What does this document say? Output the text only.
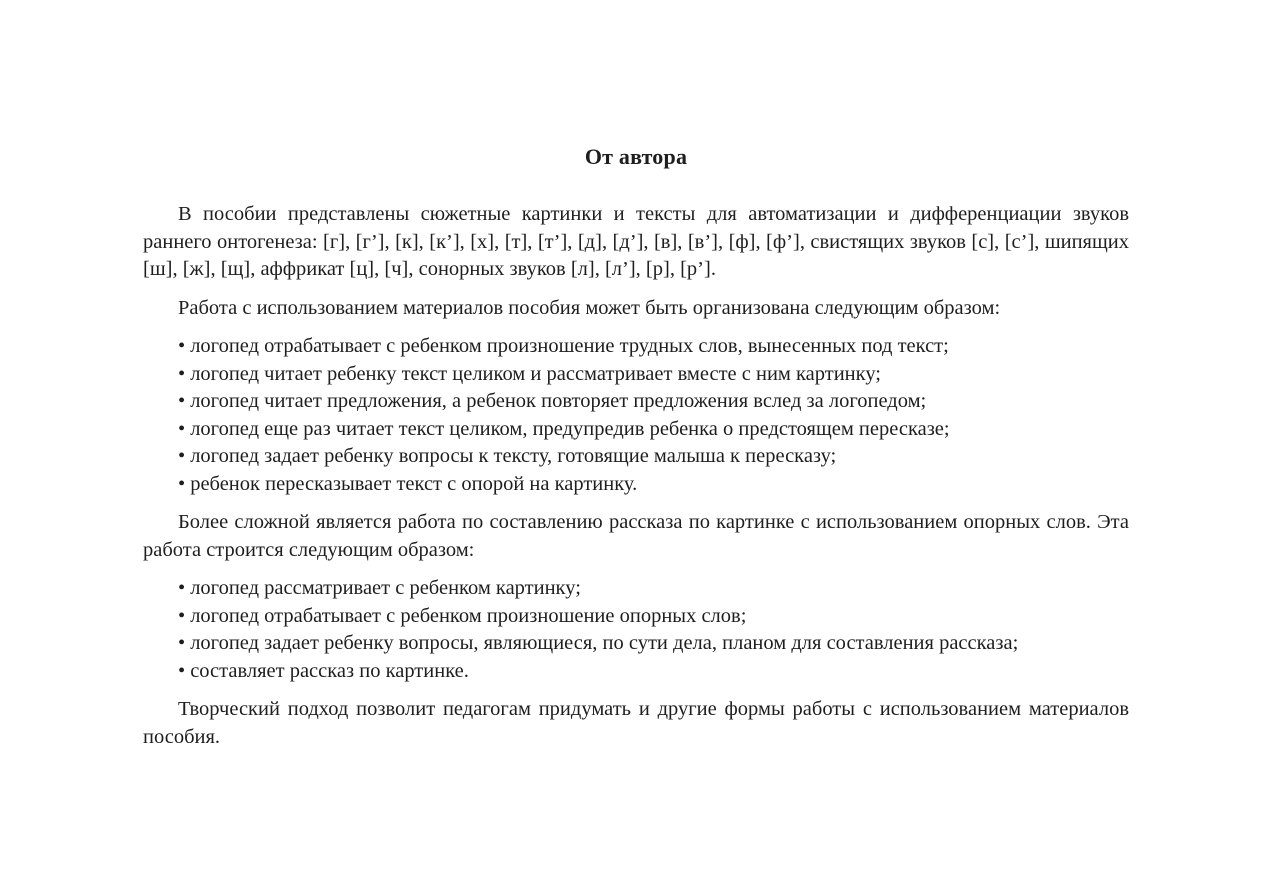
От автора

В пособии представлены сюжетные картинки и тексты для автоматизации и дифференциации звуков раннего онтогенеза: [г], [г’], [к], [к’], [х], [т], [т’], [д], [д’], [в], [в’], [ф], [ф’], свистящих звуков [с], [с’], шипящих [ш], [ж], [щ], аффрикат [ц], [ч], сонорных звуков [л], [л’], [р], [р’].

Работа с использованием материалов пособия может быть организована следующим образом:

• логопед отрабатывает с ребенком произношение трудных слов, вынесенных под текст;
• логопед читает ребенку текст целиком и рассматривает вместе с ним картинку;
• логопед читает предложения, а ребенок повторяет предложения вслед за логопедом;
• логопед еще раз читает текст целиком, предупредив ребенка о предстоящем пересказе;
• логопед задает ребенку вопросы к тексту, готовящие малыша к пересказу;
• ребенок пересказывает текст с опорой на картинку.

Более сложной является работа по составлению рассказа по картинке с использованием опорных слов. Эта работа строится следующим образом:

• логопед рассматривает с ребенком картинку;
• логопед отрабатывает с ребенком произношение опорных слов;
• логопед задает ребенку вопросы, являющиеся, по сути дела, планом для составления рассказа;
• составляет рассказ по картинке.

Творческий подход позволит педагогам придумать и другие формы работы с использованием материалов пособия.
